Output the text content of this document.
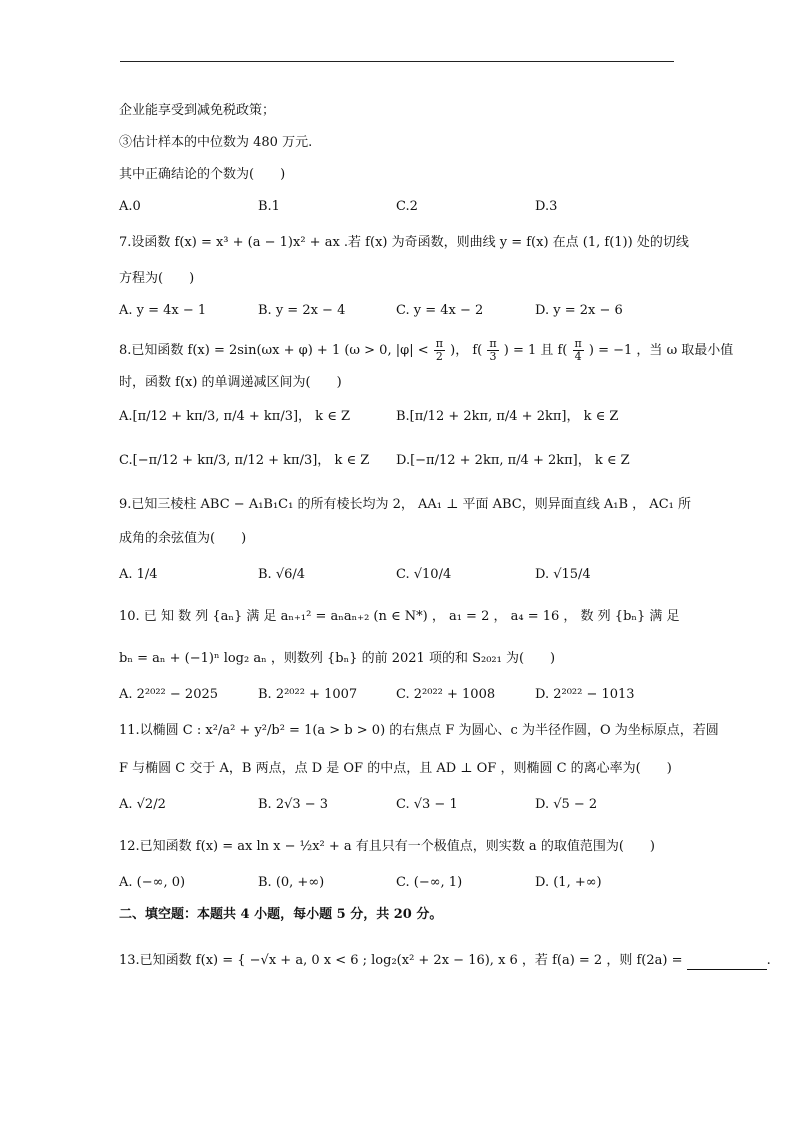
企业能享受到减免税政策；
③估计样本的中位数为 480 万元.
其中正确结论的个数为(　　)
A.0	B.1	C.2	D.3
7.设函数 f(x) = x³ + (a − 1)x² + ax .若 f(x) 为奇函数，则曲线 y = f(x) 在点 (1, f(1)) 处的切线
方程为(　　)
A. y = 4x − 1	B. y = 2x − 4	C. y = 4x − 2	D. y = 2x − 6
8.已知函数 f(x) = 2sin(ωx + φ) + 1 (ω > 0, $|\varphi| < \frac{\pi}{2}$ )， $f( \frac{\pi}{3}$ ) = 1 且 $f( \frac{\pi}{4}$ ) = −1 ，当 ω 取最小值
时，函数 f(x) 的单调递减区间为(　　)
A.[π/12 + kπ/3, π/4 + kπ/3]， k ∈ Z	B.[π/12 + 2kπ, π/4 + 2kπ]， k ∈ Z
C.[−π/12 + kπ/3, π/12 + kπ/3]， k ∈ Z D.[−π/12 + 2kπ, π/4 + 2kπ]， k ∈ Z
9.已知三棱柱 ABC − A₁B₁C₁ 的所有棱长均为 2， AA₁ ⊥ 平面 ABC，则异面直线 A₁B ， AC₁ 所
成角的余弦值为(　　)
A. 1/4	B. √6/4	C. √10/4	D. √15/4
10. 已 知 数 列 {aₙ} 满 足 aₙ₊₁² = aₙaₙ₊₂ (n ∈ N*) ， a₁ = 2 ， a₄ = 16 ， 数 列 {bₙ} 满 足
bₙ = aₙ + (−1)ⁿ log₂ aₙ ，则数列 {bₙ} 的前 2021 项的和 S₂₀₂₁ 为(　　)
A. 2²⁰²² − 2025	B. 2²⁰²² + 1007	C. 2²⁰²² + 1008	D. 2²⁰²² − 1013
11.以椭圆 C : x²/a² + y²/b² = 1(a > b > 0) 的右焦点 F 为圆心、c 为半径作圆，O 为坐标原点，若圆
F 与椭圆 C 交于 A，B 两点，点 D 是 OF 的中点，且 AD ⊥ OF ，则椭圆 C 的离心率为(　　)
A. √2/2	B. 2√3 − 3	C. √3 − 1	D. √5 − 2
12.已知函数 f(x) = ax ln x − ½x² + a 有且只有一个极值点，则实数 a 的取值范围为(　　)
A. (−∞, 0)	B. (0, +∞)	C. (−∞, 1)	D. (1, +∞)
二、填空题：本题共 4 小题，每小题 5 分，共 20 分。
13.已知函数 f(x) = { −√x + a, 0 x < 6 ; log₂(x² + 2x − 16), x 6 ，若 f(a) = 2 ，则 f(2a) =	.
